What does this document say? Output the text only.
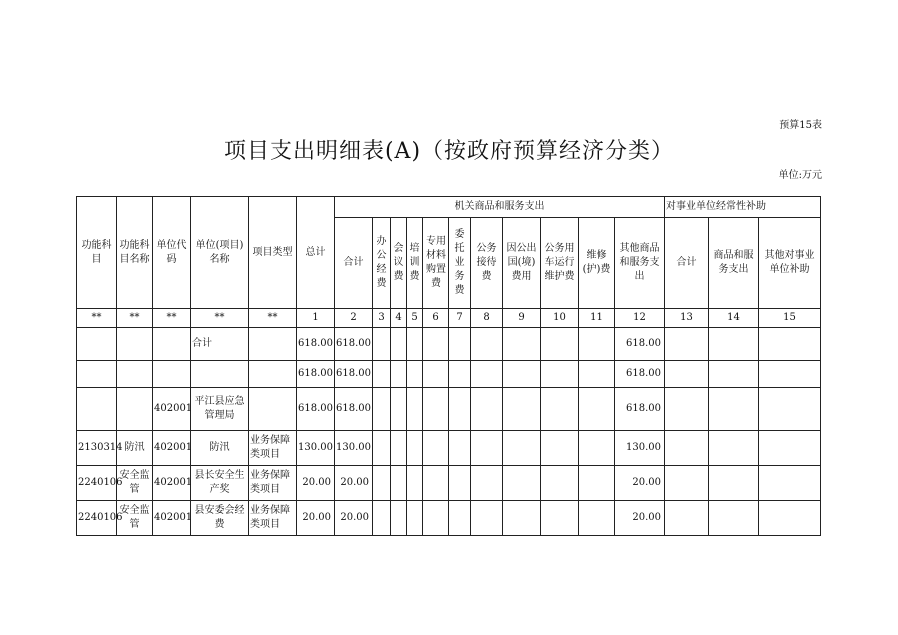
预算15表
项目支出明细表(A)（按政府预算经济分类）
单位:万元
功能科目	功能科目名称	单位代码	单位(项目)名称	项目类型	总计	机关商品和服务支出											对事业单位经常性补助		
						合计	办公经费	会议费	培训费	专用材料购置费	委托业务费	公务接待费	因公出国(境)费用	公务用车运行维护费	维修(护)费	其他商品和服务支出	合计	商品和服务支出	其他对事业单位补助
**	**	**	**	**	1	2	3	4	5	6	7	8	9	10	11	12	13	14	15
			合计		618.00	618.00										618.00			
					618.00	618.00										618.00			
		402001	平江县应急管理局		618.00	618.00										618.00			
2130314	防汛	402001	防汛	业务保障类项目	130.00	130.00										130.00			
2240106	安全监管	402001	县长安全生产奖	业务保障类项目	20.00	20.00										20.00			
2240106	安全监管	402001	县安委会经费	业务保障类项目	20.00	20.00										20.00			
